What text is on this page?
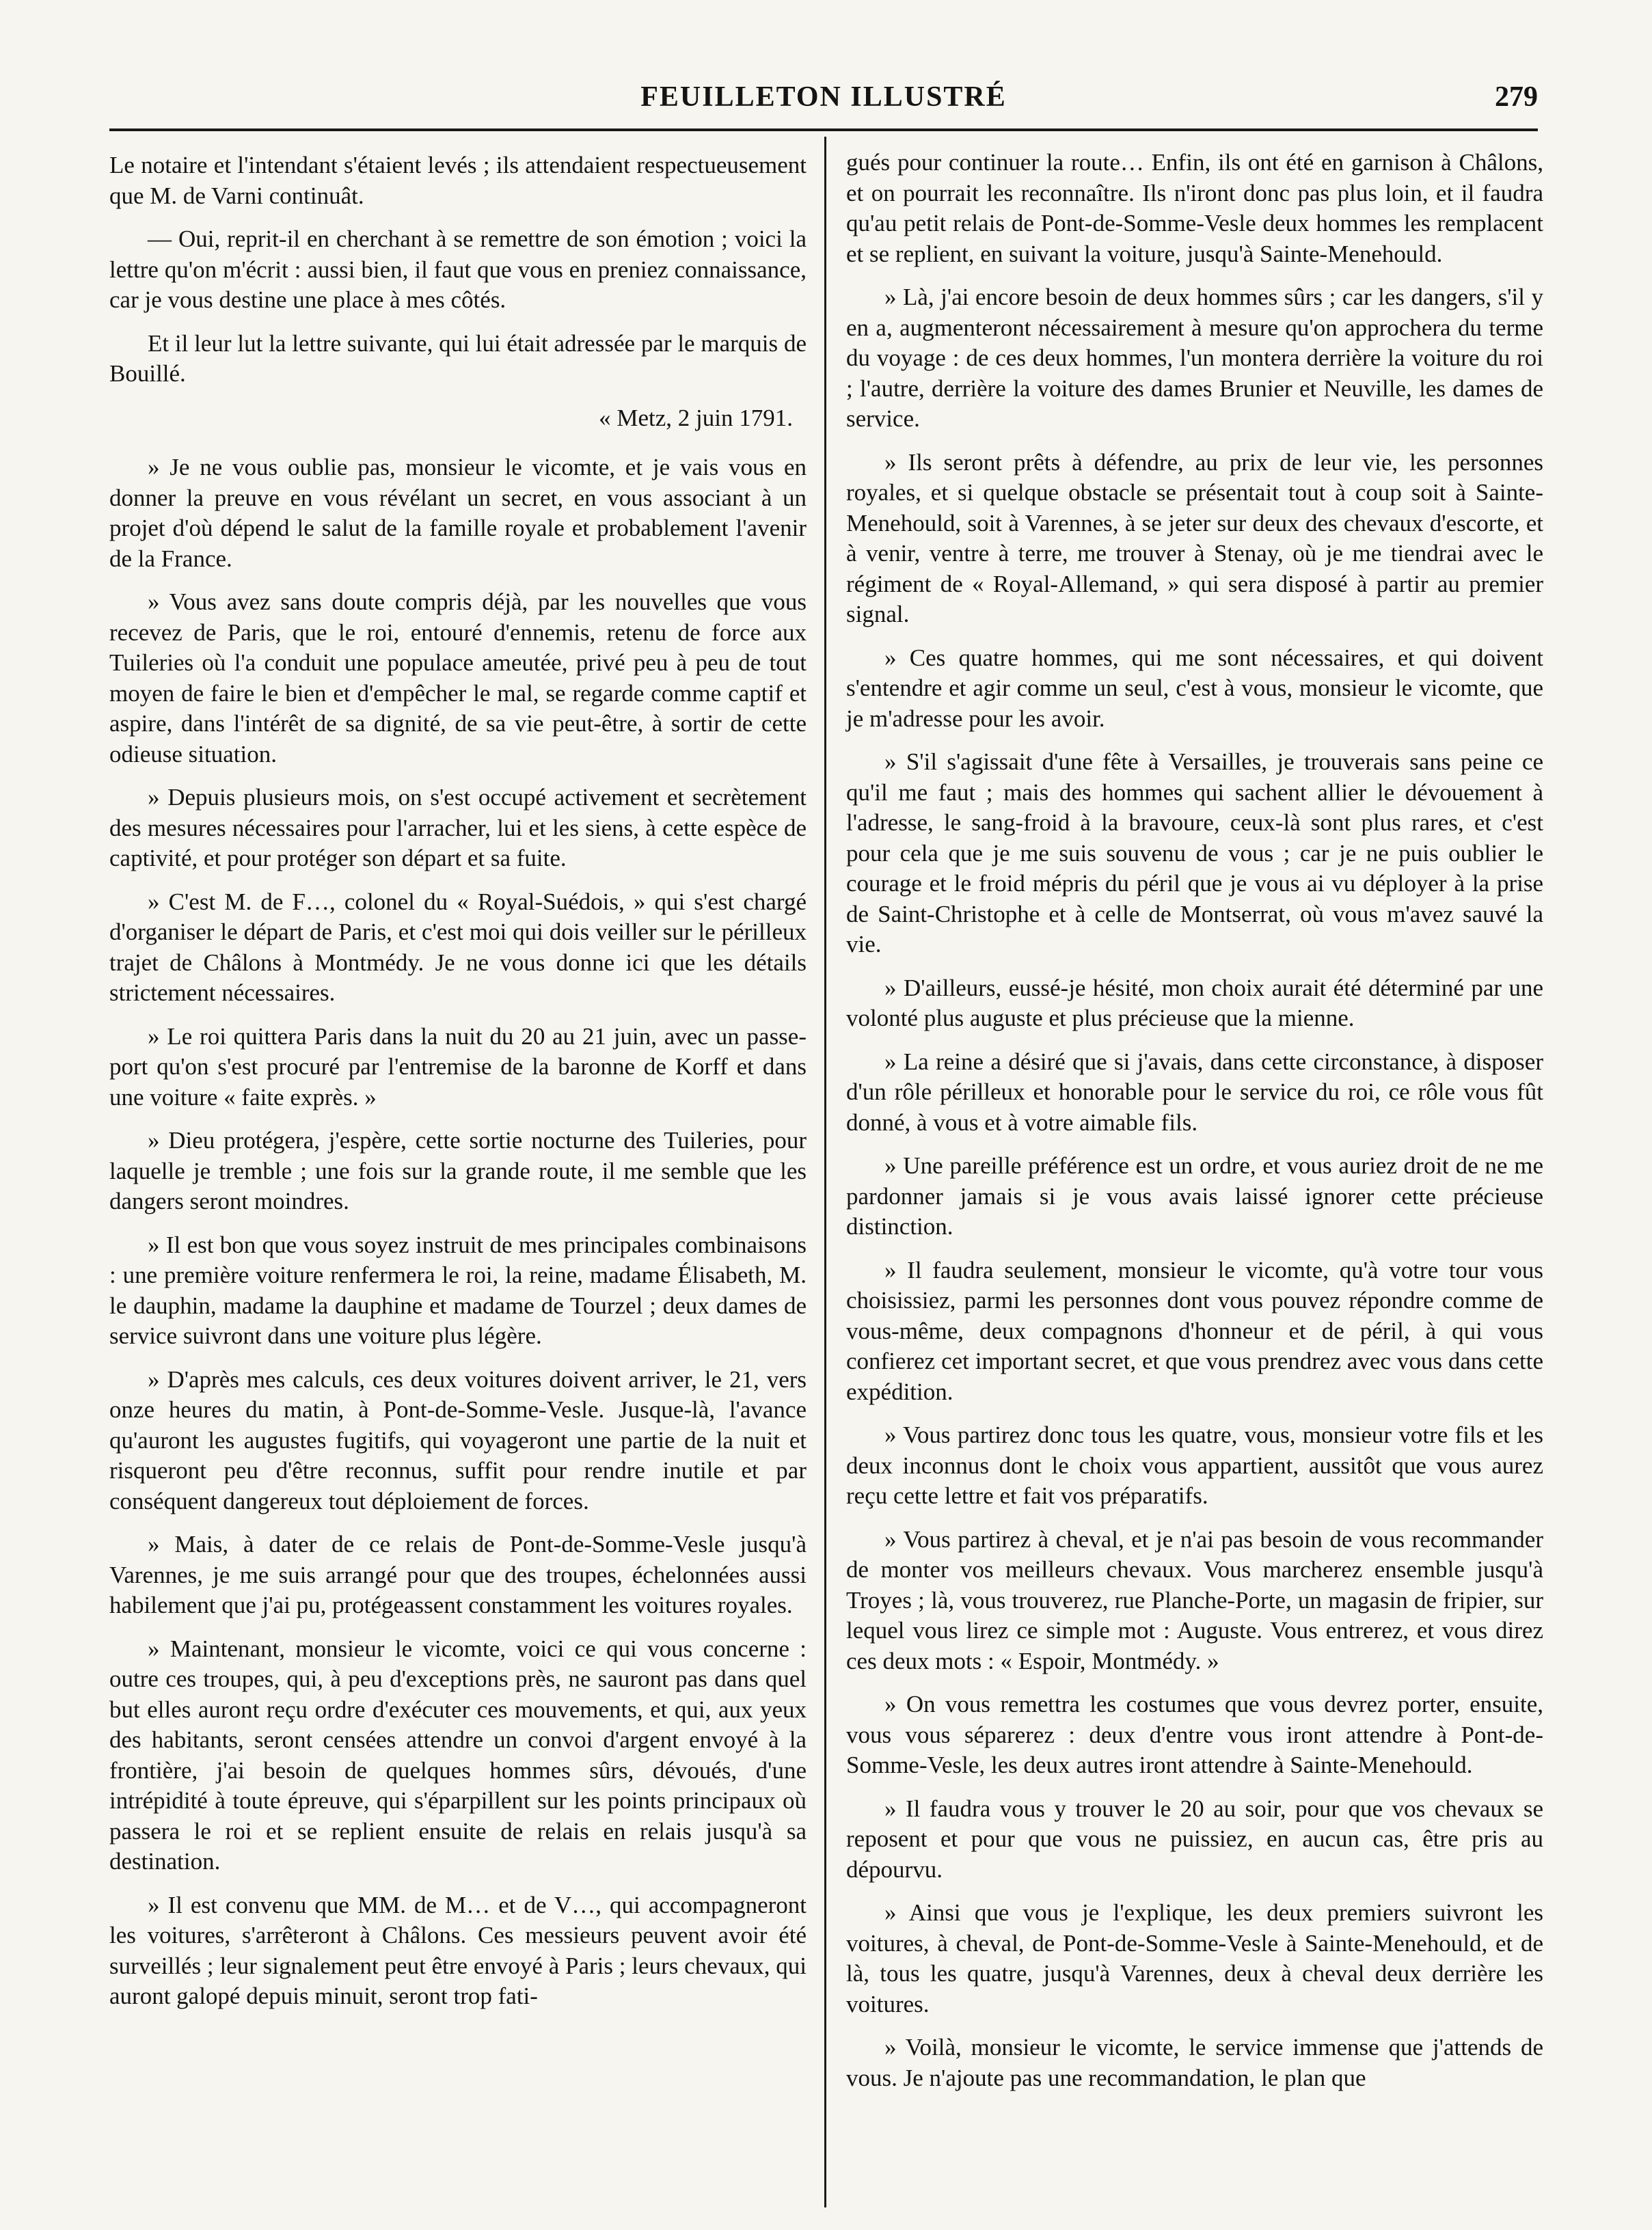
FEUILLETON ILLUSTRÉ	279

Le notaire et l'intendant s'étaient levés ; ils attendaient respectueusement que M. de Varni continuât.

— Oui, reprit-il en cherchant à se remettre de son émotion ; voici la lettre qu'on m'écrit : aussi bien, il faut que vous en preniez connaissance, car je vous destine une place à mes côtés.

Et il leur lut la lettre suivante, qui lui était adressée par le marquis de Bouillé.

« Metz, 2 juin 1791.

» Je ne vous oublie pas, monsieur le vicomte, et je vais vous en donner la preuve en vous révélant un secret, en vous associant à un projet d'où dépend le salut de la famille royale et probablement l'avenir de la France.

» Vous avez sans doute compris déjà, par les nouvelles que vous recevez de Paris, que le roi, entouré d'ennemis, retenu de force aux Tuileries où l'a conduit une populace ameutée, privé peu à peu de tout moyen de faire le bien et d'empêcher le mal, se regarde comme captif et aspire, dans l'intérêt de sa dignité, de sa vie peut-être, à sortir de cette odieuse situation.

» Depuis plusieurs mois, on s'est occupé activement et secrètement des mesures nécessaires pour l'arracher, lui et les siens, à cette espèce de captivité, et pour protéger son départ et sa fuite.

» C'est M. de F…, colonel du « Royal-Suédois, » qui s'est chargé d'organiser le départ de Paris, et c'est moi qui dois veiller sur le périlleux trajet de Châlons à Montmédy. Je ne vous donne ici que les détails strictement nécessaires.

» Le roi quittera Paris dans la nuit du 20 au 21 juin, avec un passe-port qu'on s'est procuré par l'entremise de la baronne de Korff et dans une voiture « faite exprès. »

» Dieu protégera, j'espère, cette sortie nocturne des Tuileries, pour laquelle je tremble ; une fois sur la grande route, il me semble que les dangers seront moindres.

» Il est bon que vous soyez instruit de mes principales combinaisons : une première voiture renfermera le roi, la reine, madame Élisabeth, M. le dauphin, madame la dauphine et madame de Tourzel ; deux dames de service suivront dans une voiture plus légère.

» D'après mes calculs, ces deux voitures doivent arriver, le 21, vers onze heures du matin, à Pont-de-Somme-Vesle. Jusque-là, l'avance qu'auront les augustes fugitifs, qui voyageront une partie de la nuit et risqueront peu d'être reconnus, suffit pour rendre inutile et par conséquent dangereux tout déploiement de forces.

» Mais, à dater de ce relais de Pont-de-Somme-Vesle jusqu'à Varennes, je me suis arrangé pour que des troupes, échelonnées aussi habilement que j'ai pu, protégeassent constamment les voitures royales.

» Maintenant, monsieur le vicomte, voici ce qui vous concerne : outre ces troupes, qui, à peu d'exceptions près, ne sauront pas dans quel but elles auront reçu ordre d'exécuter ces mouvements, et qui, aux yeux des habitants, seront censées attendre un convoi d'argent envoyé à la frontière, j'ai besoin de quelques hommes sûrs, dévoués, d'une intrépidité à toute épreuve, qui s'éparpillent sur les points principaux où passera le roi et se replient ensuite de relais en relais jusqu'à sa destination.

» Il est convenu que MM. de M… et de V…, qui accompagneront les voitures, s'arrêteront à Châlons. Ces messieurs peuvent avoir été surveillés ; leur signalement peut être envoyé à Paris ; leurs chevaux, qui auront galopé depuis minuit, seront trop fati-

gués pour continuer la route… Enfin, ils ont été en garnison à Châlons, et on pourrait les reconnaître. Ils n'iront donc pas plus loin, et il faudra qu'au petit relais de Pont-de-Somme-Vesle deux hommes les remplacent et se replient, en suivant la voiture, jusqu'à Sainte-Menehould.

» Là, j'ai encore besoin de deux hommes sûrs ; car les dangers, s'il y en a, augmenteront nécessairement à mesure qu'on approchera du terme du voyage : de ces deux hommes, l'un montera derrière la voiture du roi ; l'autre, derrière la voiture des dames Brunier et Neuville, les dames de service.

» Ils seront prêts à défendre, au prix de leur vie, les personnes royales, et si quelque obstacle se présentait tout à coup soit à Sainte-Menehould, soit à Varennes, à se jeter sur deux des chevaux d'escorte, et à venir, ventre à terre, me trouver à Stenay, où je me tiendrai avec le régiment de « Royal-Allemand, » qui sera disposé à partir au premier signal.

» Ces quatre hommes, qui me sont nécessaires, et qui doivent s'entendre et agir comme un seul, c'est à vous, monsieur le vicomte, que je m'adresse pour les avoir.

» S'il s'agissait d'une fête à Versailles, je trouverais sans peine ce qu'il me faut ; mais des hommes qui sachent allier le dévouement à l'adresse, le sang-froid à la bravoure, ceux-là sont plus rares, et c'est pour cela que je me suis souvenu de vous ; car je ne puis oublier le courage et le froid mépris du péril que je vous ai vu déployer à la prise de Saint-Christophe et à celle de Montserrat, où vous m'avez sauvé la vie.

» D'ailleurs, eussé-je hésité, mon choix aurait été déterminé par une volonté plus auguste et plus précieuse que la mienne.

» La reine a désiré que si j'avais, dans cette circonstance, à disposer d'un rôle périlleux et honorable pour le service du roi, ce rôle vous fût donné, à vous et à votre aimable fils.

» Une pareille préférence est un ordre, et vous auriez droit de ne me pardonner jamais si je vous avais laissé ignorer cette précieuse distinction.

» Il faudra seulement, monsieur le vicomte, qu'à votre tour vous choisissiez, parmi les personnes dont vous pouvez répondre comme de vous-même, deux compagnons d'honneur et de péril, à qui vous confierez cet important secret, et que vous prendrez avec vous dans cette expédition.

» Vous partirez donc tous les quatre, vous, monsieur votre fils et les deux inconnus dont le choix vous appartient, aussitôt que vous aurez reçu cette lettre et fait vos préparatifs.

» Vous partirez à cheval, et je n'ai pas besoin de vous recommander de monter vos meilleurs chevaux. Vous marcherez ensemble jusqu'à Troyes ; là, vous trouverez, rue Planche-Porte, un magasin de fripier, sur lequel vous lirez ce simple mot : Auguste. Vous entrerez, et vous direz ces deux mots : « Espoir, Montmédy. »

» On vous remettra les costumes que vous devrez porter, ensuite, vous vous séparerez : deux d'entre vous iront attendre à Pont-de-Somme-Vesle, les deux autres iront attendre à Sainte-Menehould.

» Il faudra vous y trouver le 20 au soir, pour que vos chevaux se reposent et pour que vous ne puissiez, en aucun cas, être pris au dépourvu.

» Ainsi que vous je l'explique, les deux premiers suivront les voitures, à cheval, de Pont-de-Somme-Vesle à Sainte-Menehould, et de là, tous les quatre, jusqu'à Varennes, deux à cheval deux derrière les voitures.

» Voilà, monsieur le vicomte, le service immense que j'attends de vous. Je n'ajoute pas une recommandation, le plan que
